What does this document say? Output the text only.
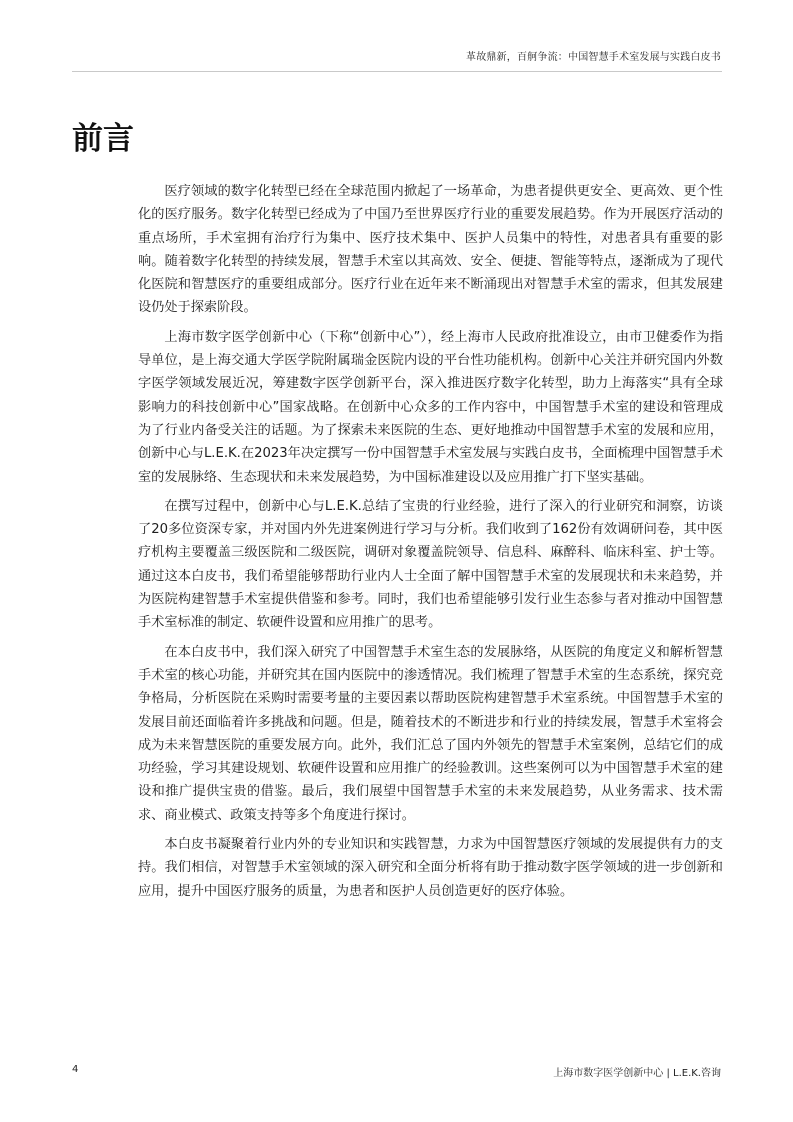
革故鼎新，百舸争流：中国智慧手术室发展与实践白皮书
前言

医疗领域的数字化转型已经在全球范围内掀起了一场革命，为患者提供更安全、更高效、更个性化的医疗服务。数字化转型已经成为了中国乃至世界医疗行业的重要发展趋势。作为开展医疗活动的重点场所，手术室拥有治疗行为集中、医疗技术集中、医护人员集中的特性，对患者具有重要的影响。随着数字化转型的持续发展，智慧手术室以其高效、安全、便捷、智能等特点，逐渐成为了现代化医院和智慧医疗的重要组成部分。医疗行业在近年来不断涌现出对智慧手术室的需求，但其发展建设仍处于探索阶段。

上海市数字医学创新中心（下称“创新中心”），经上海市人民政府批准设立，由市卫健委作为指导单位，是上海交通大学医学院附属瑞金医院内设的平台性功能机构。创新中心关注并研究国内外数字医学领域发展近况，筹建数字医学创新平台，深入推进医疗数字化转型，助力上海落实“具有全球影响力的科技创新中心”国家战略。在创新中心众多的工作内容中，中国智慧手术室的建设和管理成为了行业内备受关注的话题。为了探索未来医院的生态、更好地推动中国智慧手术室的发展和应用，创新中心与L.E.K.在2023年决定撰写一份中国智慧手术室发展与实践白皮书，全面梳理中国智慧手术室的发展脉络、生态现状和未来发展趋势，为中国标准建设以及应用推广打下坚实基础。

在撰写过程中，创新中心与L.E.K.总结了宝贵的行业经验，进行了深入的行业研究和洞察，访谈了20多位资深专家，并对国内外先进案例进行学习与分析。我们收到了162份有效调研问卷，其中医疗机构主要覆盖三级医院和二级医院，调研对象覆盖院领导、信息科、麻醉科、临床科室、护士等。通过这本白皮书，我们希望能够帮助行业内人士全面了解中国智慧手术室的发展现状和未来趋势，并为医院构建智慧手术室提供借鉴和参考。同时，我们也希望能够引发行业生态参与者对推动中国智慧手术室标准的制定、软硬件设置和应用推广的思考。

在本白皮书中，我们深入研究了中国智慧手术室生态的发展脉络，从医院的角度定义和解析智慧手术室的核心功能，并研究其在国内医院中的渗透情况。我们梳理了智慧手术室的生态系统，探究竞争格局，分析医院在采购时需要考量的主要因素以帮助医院构建智慧手术室系统。中国智慧手术室的发展目前还面临着许多挑战和问题。但是，随着技术的不断进步和行业的持续发展，智慧手术室将会成为未来智慧医院的重要发展方向。此外，我们汇总了国内外领先的智慧手术室案例，总结它们的成功经验，学习其建设规划、软硬件设置和应用推广的经验教训。这些案例可以为中国智慧手术室的建设和推广提供宝贵的借鉴。最后，我们展望中国智慧手术室的未来发展趋势，从业务需求、技术需求、商业模式、政策支持等多个角度进行探讨。

本白皮书凝聚着行业内外的专业知识和实践智慧，力求为中国智慧医疗领域的发展提供有力的支持。我们相信，对智慧手术室领域的深入研究和全面分析将有助于推动数字医学领域的进一步创新和应用，提升中国医疗服务的质量，为患者和医护人员创造更好的医疗体验。

4	上海市数字医学创新中心 | L.E.K.咨询
